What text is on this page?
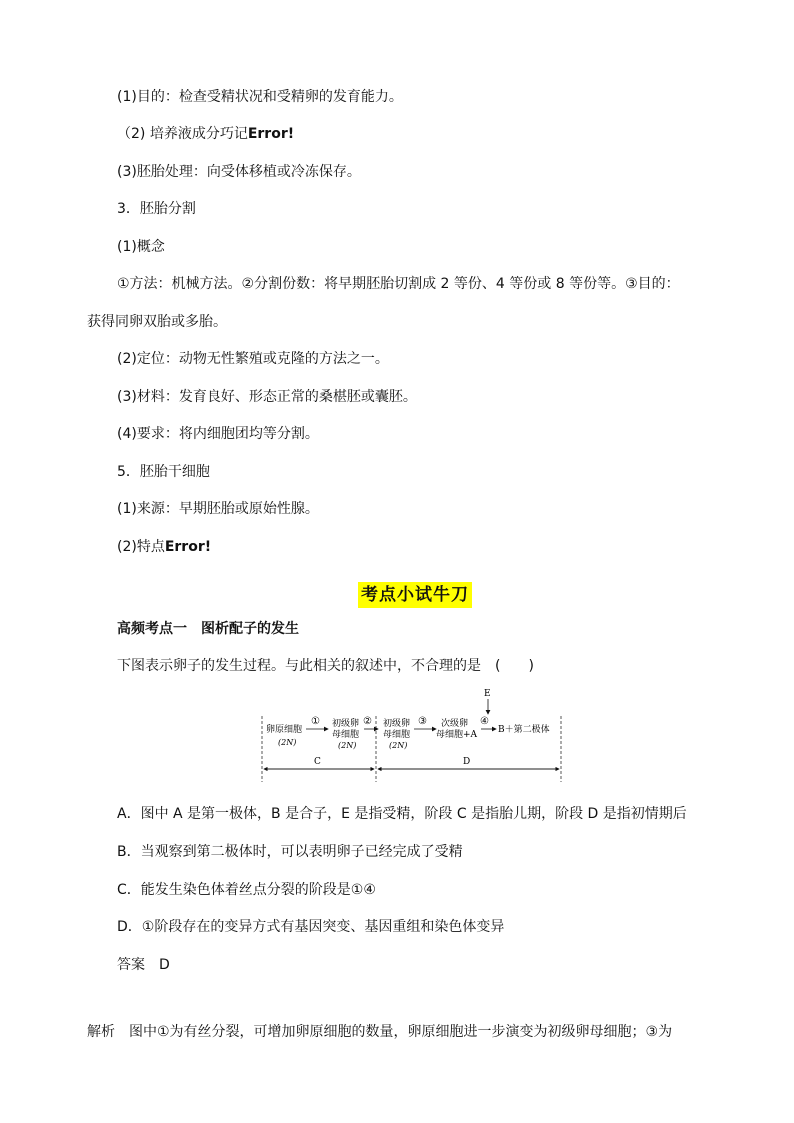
(1)目的：检查受精状况和受精卵的发育能力。
（2) 培养液成分巧记Error!
(3)胚胎处理：向受体移植或冷冻保存。
3．胚胎分割
(1)概念
①方法：机械方法。②分割份数：将早期胚胎切割成 2 等份、4 等份或 8 等份等。③目的：
获得同卵双胎或多胎。
(2)定位：动物无性繁殖或克隆的方法之一。
(3)材料：发育良好、形态正常的桑椹胚或囊胚。
(4)要求：将内细胞团均等分割。
5．胚胎干细胞
(1)来源：早期胚胎或原始性腺。
(2)特点Error!
考点小试牛刀
高频考点一　图析配子的发生
下图表示卵子的发生过程。与此相关的叙述中，不合理的是　(　　)
卵原细胞
(2N)
① 初级卵
母细胞
(2N)
② 初级卵
母细胞
(2N)
③ 次级卵
母细胞+A
④
E
B＋第二极体
C	D
A．图中 A 是第一极体，B 是合子，E 是指受精，阶段 C 是指胎儿期，阶段 D 是指初情期后
B．当观察到第二极体时，可以表明卵子已经完成了受精
C．能发生染色体着丝点分裂的阶段是①④
D．①阶段存在的变异方式有基因突变、基因重组和染色体变异
答案　D
解析　图中①为有丝分裂，可增加卵原细胞的数量，卵原细胞进一步演变为初级卵母细胞；③为
